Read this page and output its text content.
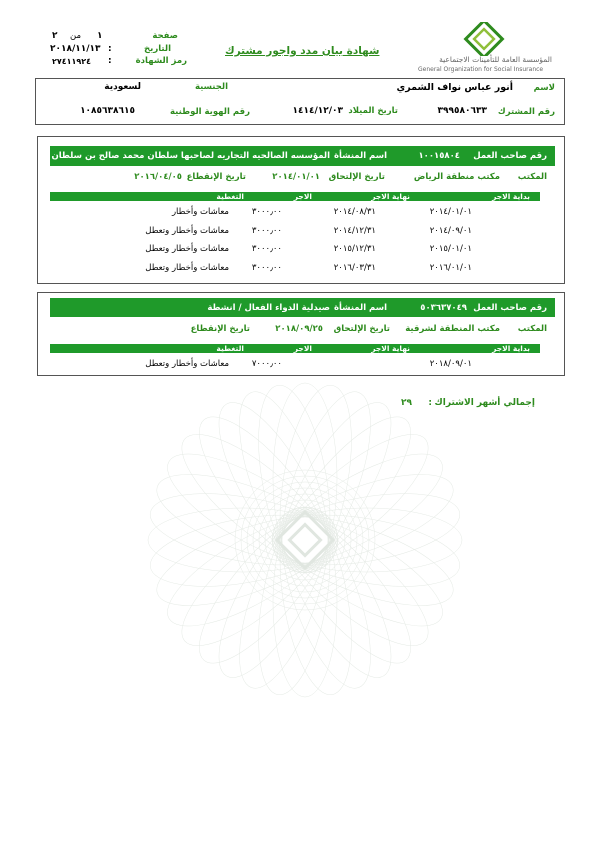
المؤسسة العامة للتأمينات الاجتماعية
General Organization for Social Insurance
شهادة بيان مدد واجور مشترك
صفحة
١
من
٢
التاريخ
:
٢٠١٨/١١/١٣
رمز الشهادة
:
٢٧٤١١٩٢٤
لاسم
أنور عباس نواف الشمري
الجنسية
لسعودية
رقم المشترك
٣٩٩٥٨٠٦٣٣
تاريخ الميلاد
١٤١٤/١٢/٠٣
رقم الهوية الوطنية
١٠٨٥٦٣٨٦١٥
رقم صاحب العمل
١٠٠١٥٨٠٤
اسم المنشأة
المؤسسه الصالحيه التجاريه لصاحبها سلطان محمد صالح بن سلطان
المكتب
مكتب منطقة الرياض
تاريخ الإلتحاق
٢٠١٤/٠١/٠١
تاريخ الإنقطاع
٢٠١٦/٠٤/٠٥
بداية الاجر
نهاية الاجر
الاجر
التغطية
٢٠١٤/٠١/٠١
٢٠١٤/٠٨/٣١
٣٠٠٠٫٠٠
معاشات وأخطار
٢٠١٤/٠٩/٠١
٢٠١٤/١٢/٣١
٣٠٠٠٫٠٠
معاشات وأخطار وتعطل
٢٠١٥/٠١/٠١
٢٠١٥/١٢/٣١
٣٠٠٠٫٠٠
معاشات وأخطار وتعطل
٢٠١٦/٠١/٠١
٢٠١٦/٠٣/٣١
٣٠٠٠٫٠٠
معاشات وأخطار وتعطل
رقم صاحب العمل
٥٠٣٦٣٧٠٤٩
اسم المنشأة
صيدلية الدواء الفعال / انشطة
المكتب
مكتب المنطقة لشرقية
تاريخ الإلتحاق
٢٠١٨/٠٩/٢٥
تاريخ الإنقطاع
بداية الاجر
نهاية الاجر
الاجر
التغطية
٢٠١٨/٠٩/٠١
٧٠٠٠٫٠٠
معاشات وأخطار وتعطل
إجمالي أشهر الاشتراك
:
٢٩
